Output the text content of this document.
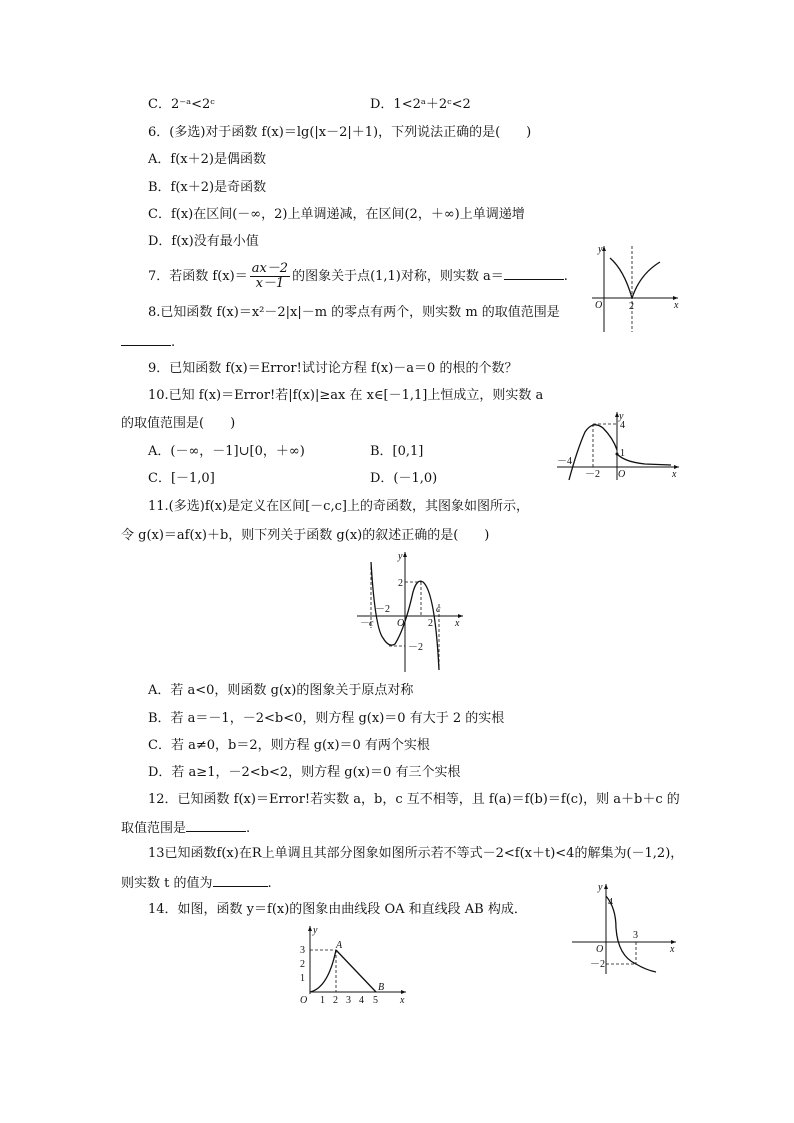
C．2⁻ᵃ<2ᶜ	D．1<2ᵃ＋2ᶜ<2
6．(多选)对于函数 f(x)＝lg(|x－2|＋1)，下列说法正确的是(　　)
A．f(x＋2)是偶函数
B．f(x＋2)是奇函数
C．f(x)在区间(－∞，2)上单调递减，在区间(2，＋∞)上单调递增
D．f(x)没有最小值
7．若函数 $f(x)= \frac{ax-2}{x-1}$ 的图象关于点(1,1)对称，则实数 a＝	.
8.已知函数 f(x)＝x²－2|x|－m 的零点有两个，则实数 m 的取值范围是
.
9．已知函数 f(x)＝Error!试讨论方程 f(x)－a＝0 的根的个数？
10.已知 f(x)＝Error!若|f(x)|≥ax 在 x∈[－1,1]上恒成立，则实数 a
的取值范围是(　　)
A．(－∞，－1]∪[0，＋∞)	B．[0,1]
C．[－1,0]	D．(－1,0)
11.(多选)f(x)是定义在区间[－c,c]上的奇函数，其图象如图所示，
令 g(x)＝af(x)＋b，则下列关于函数 g(x)的叙述正确的是(　　)
A．若 a<0，则函数 g(x)的图象关于原点对称
B．若 a＝－1，－2<b<0，则方程 g(x)＝0 有大于 2 的实根
C．若 a≠0，b＝2，则方程 g(x)＝0 有两个实根
D．若 a≥1，－2<b<2，则方程 g(x)＝0 有三个实根
12．已知函数 f(x)＝Error!若实数 a，b，c 互不相等，且 f(a)＝f(b)＝f(c)，则 a＋b＋c 的
取值范围是	.
13已知函数f(x)在R上单调且其部分图象如图所示若不等式－2<f(x＋t)<4的解集为(－1,2)，
则实数 t 的值为	.
14．如图，函数 y＝f(x)的图象由曲线段 OA 和直线段 AB 构成．
y
x
O	2
y
x
O
4
1
－4
－2
y
x
O
2
－2
c
－c	2
－2
y
x
O
4
3
－2
y
x
O
A
B
3
2
1
1 2 3 4 5
